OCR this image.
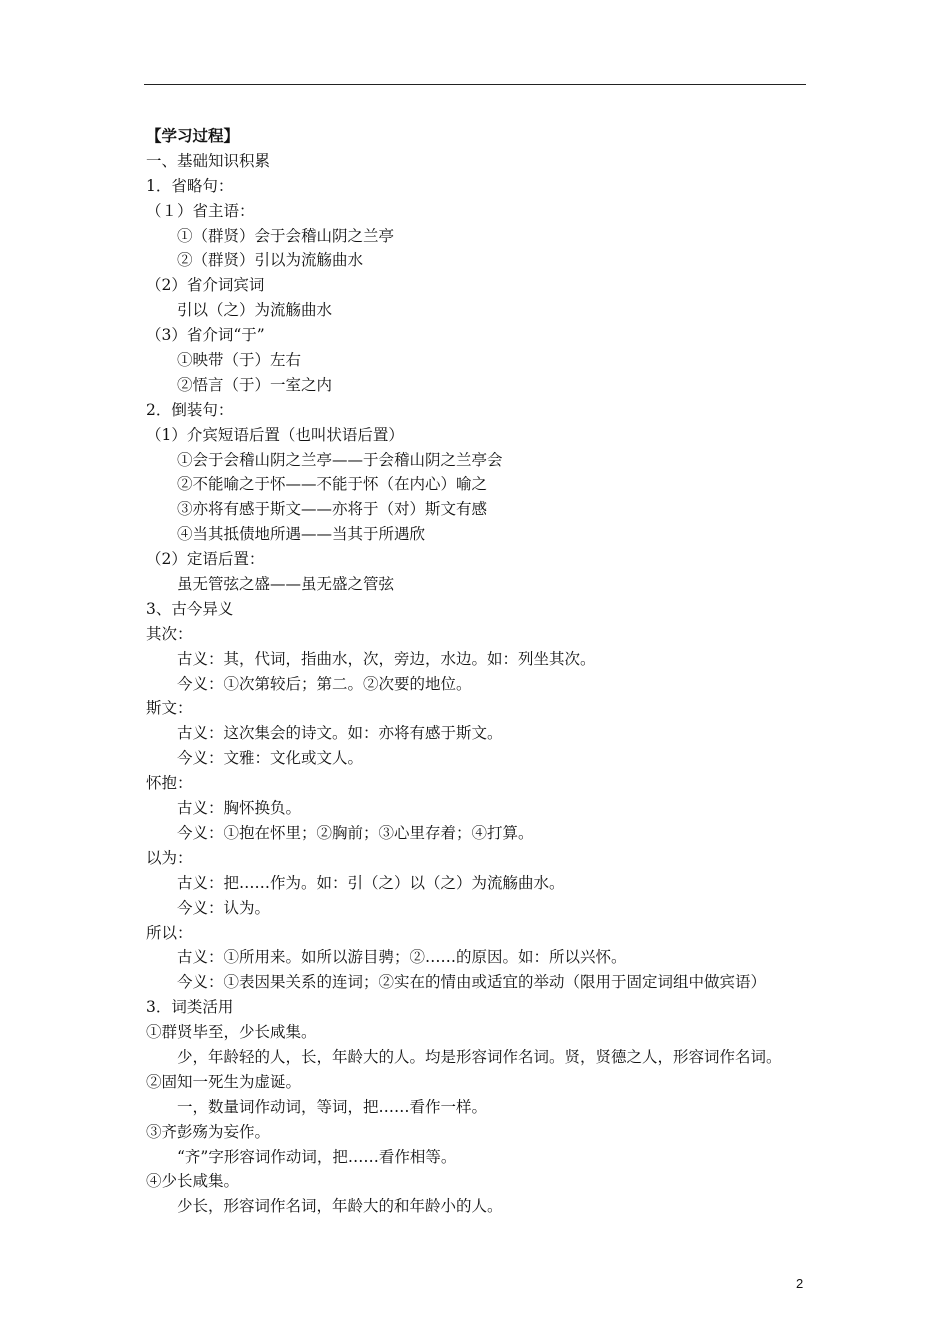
【学习过程】
一、基础知识积累
1．省略句：
（１）省主语：
①（群贤）会于会稽山阴之兰亭
②（群贤）引以为流觞曲水
（2）省介词宾词
引以（之）为流觞曲水
（3）省介词“于”
①映带（于）左右
②悟言（于）一室之内
2．倒装句：
（1）介宾短语后置（也叫状语后置）
①会于会稽山阴之兰亭——于会稽山阴之兰亭会
②不能喻之于怀——不能于怀（在内心）喻之
③亦将有感于斯文——亦将于（对）斯文有感
④当其抵债地所遇——当其于所遇欣
（2）定语后置：
虽无管弦之盛——虽无盛之管弦
3、古今异义
其次：
古义：其，代词，指曲水，次，旁边，水边。如：列坐其次。
今义：①次第较后；第二。②次要的地位。
斯文：
古义：这次集会的诗文。如：亦将有感于斯文。
今义：文雅：文化或文人。
怀抱：
古义：胸怀换负。
今义：①抱在怀里；②胸前；③心里存着；④打算。
以为：
古义：把……作为。如：引（之）以（之）为流觞曲水。
今义：认为。
所以：
古义：①所用来。如所以游目骋；②……的原因。如：所以兴怀。
今义：①表因果关系的连词；②实在的情由或适宜的举动（限用于固定词组中做宾语）
3．词类活用
①群贤毕至，少长咸集。
少，年龄轻的人，长，年龄大的人。均是形容词作名词。贤，贤德之人，形容词作名词。
②固知一死生为虚诞。
一，数量词作动词，等词，把……看作一样。
③齐彭殇为妄作。
“齐”字形容词作动词，把……看作相等。
④少长咸集。
少长，形容词作名词，年龄大的和年龄小的人。
2
